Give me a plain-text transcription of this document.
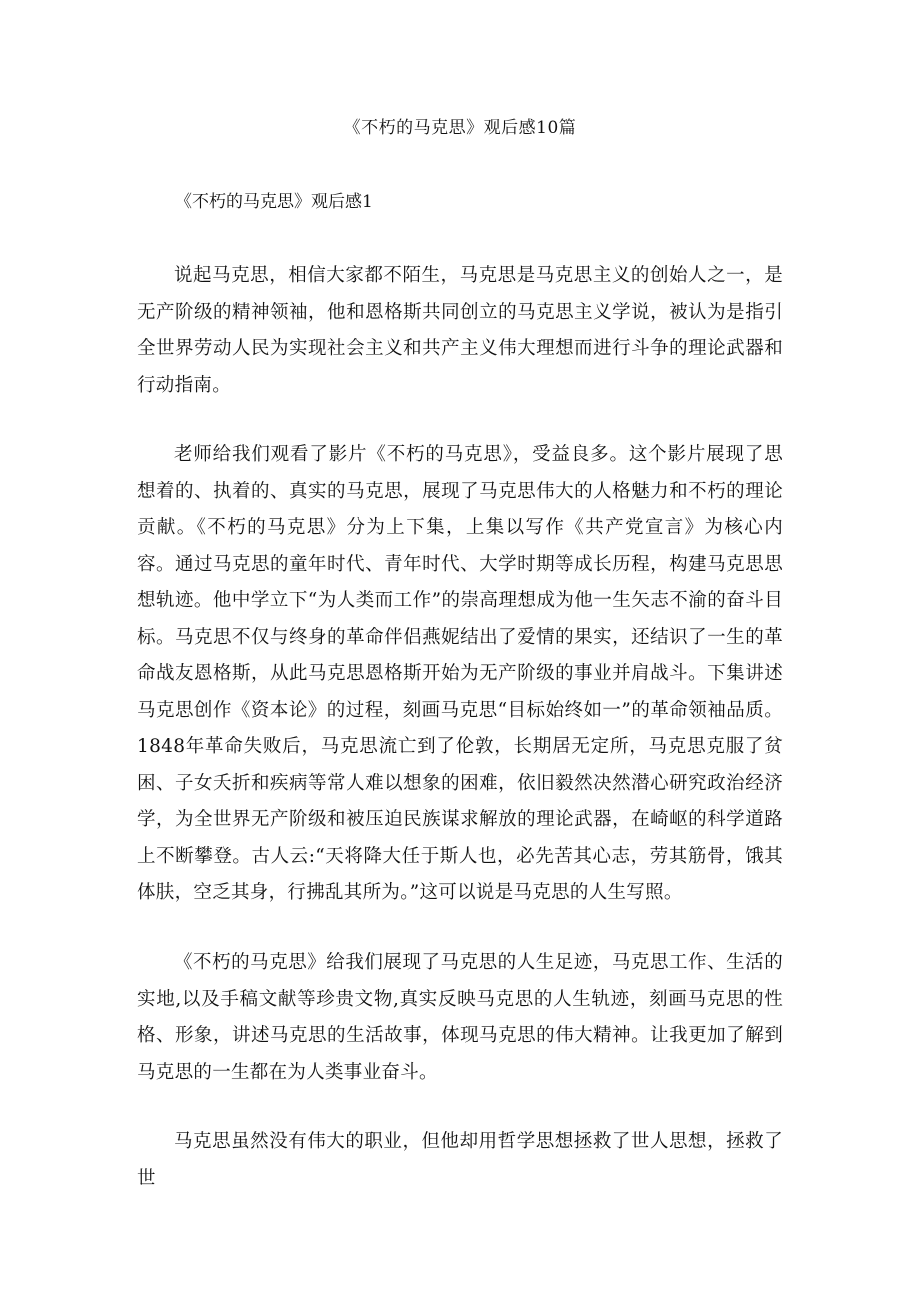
《不朽的马克思》观后感10篇
《不朽的马克思》观后感1

说起马克思，相信大家都不陌生，马克思是马克思主义的创始人之一，是无产阶级的精神领袖，他和恩格斯共同创立的马克思主义学说，被认为是指引全世界劳动人民为实现社会主义和共产主义伟大理想而进行斗争的理论武器和行动指南。

老师给我们观看了影片《不朽的马克思》，受益良多。这个影片展现了思想着的、执着的、真实的马克思，展现了马克思伟大的人格魅力和不朽的理论贡献。《不朽的马克思》分为上下集，上集以写作《共产党宣言》为核心内容。通过马克思的童年时代、青年时代、大学时期等成长历程，构建马克思思想轨迹。他中学立下“为人类而工作”的崇高理想成为他一生矢志不渝的奋斗目标。马克思不仅与终身的革命伴侣燕妮结出了爱情的果实，还结识了一生的革命战友恩格斯，从此马克思恩格斯开始为无产阶级的事业并肩战斗。下集讲述马克思创作《资本论》的过程，刻画马克思“目标始终如一”的革命领袖品质。1848年革命失败后，马克思流亡到了伦敦，长期居无定所，马克思克服了贫困、子女夭折和疾病等常人难以想象的困难，依旧毅然决然潜心研究政治经济学，为全世界无产阶级和被压迫民族谋求解放的理论武器，在崎岖的科学道路上不断攀登。古人云:“天将降大任于斯人也，必先苦其心志，劳其筋骨，饿其体肤，空乏其身，行拂乱其所为。”这可以说是马克思的人生写照。

《不朽的马克思》给我们展现了马克思的人生足迹，马克思工作、生活的实地,以及手稿文献等珍贵文物,真实反映马克思的人生轨迹，刻画马克思的性格、形象，讲述马克思的生活故事，体现马克思的伟大精神。让我更加了解到马克思的一生都在为人类事业奋斗。

马克思虽然没有伟大的职业，但他却用哲学思想拯救了世人思想，拯救了世
